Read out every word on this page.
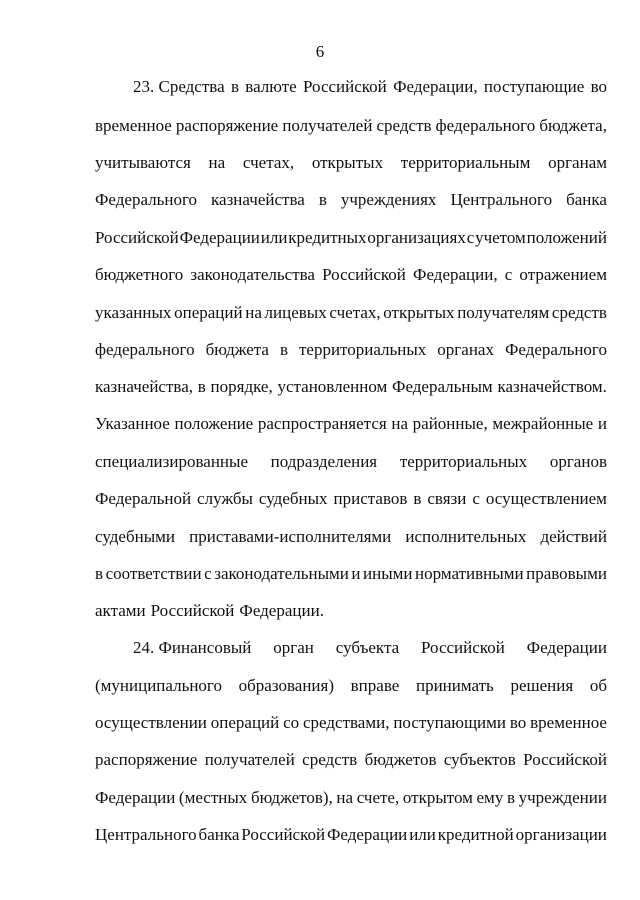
6
23. Средства в валюте Российской Федерации, поступающие во
временное распоряжение получателей средств федерального бюджета,
учитываются на счетах, открытых территориальным органам
Федерального казначейства в учреждениях Центрального банка
Российской Федерации или кредитных организациях с учетом положений
бюджетного законодательства Российской Федерации, с отражением
указанных операций на лицевых счетах, открытых получателям средств
федерального бюджета в территориальных органах Федерального
казначейства, в порядке, установленном Федеральным казначейством.
Указанное положение распространяется на районные, межрайонные и
специализированные подразделения территориальных органов
Федеральной службы судебных приставов в связи с осуществлением
судебными приставами-исполнителями исполнительных действий
в соответствии с законодательными и иными нормативными правовыми
актами Российской Федерации.
24. Финансовый орган субъекта Российской Федерации
(муниципального образования) вправе принимать решения об
осуществлении операций со средствами, поступающими во временное
распоряжение получателей средств бюджетов субъектов Российской
Федерации (местных бюджетов), на счете, открытом ему в учреждении
Центрального банка Российской Федерации или кредитной организации
